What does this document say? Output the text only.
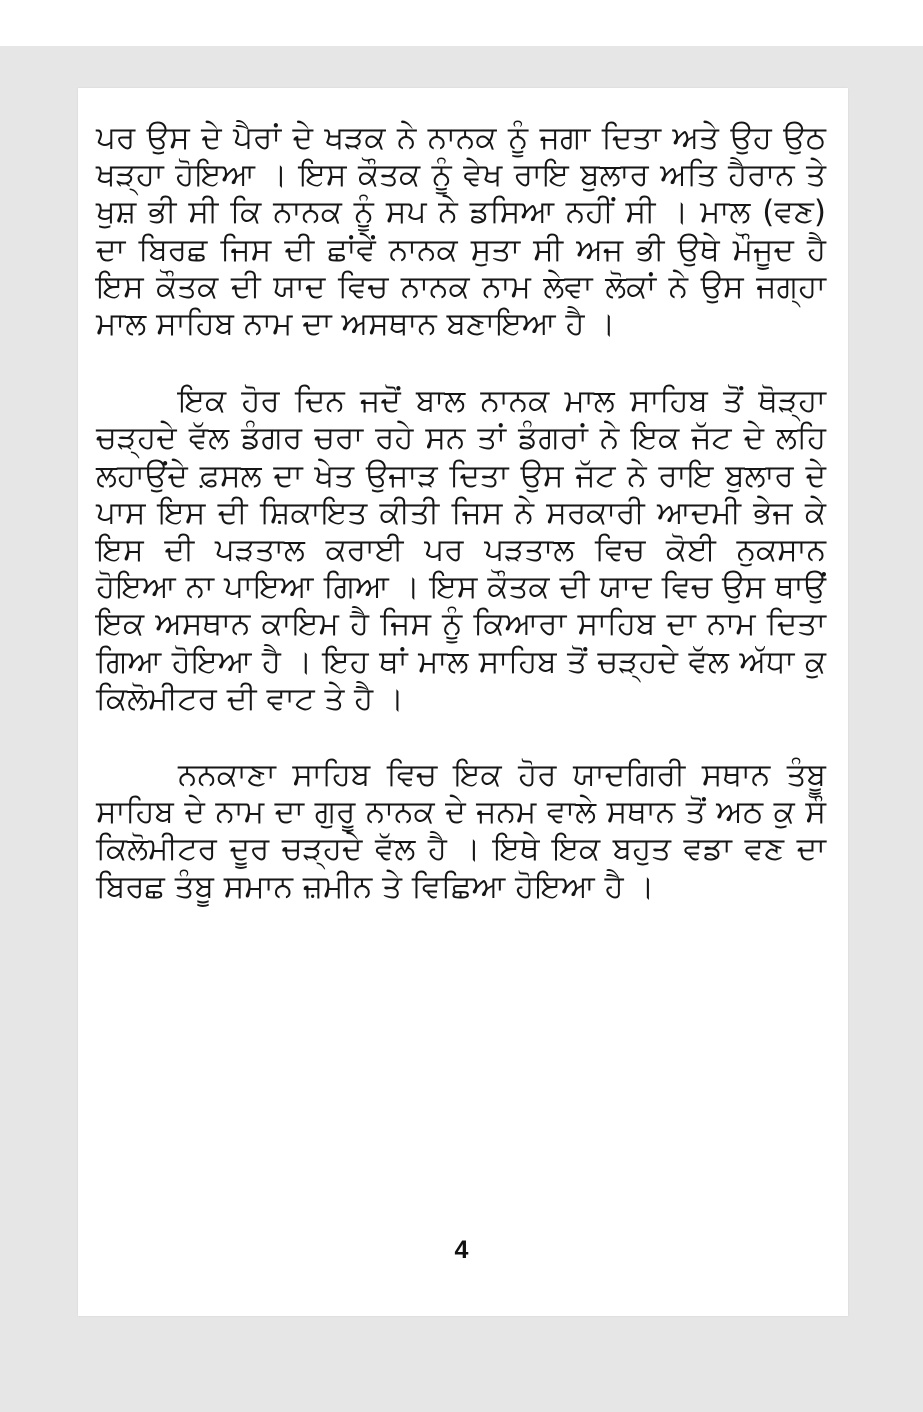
ਪਰ ਉਸ ਦੇ ਪੈਰਾਂ ਦੇ ਖੜਕ ਨੇ ਨਾਨਕ ਨੂੰ ਜਗਾ ਦਿਤਾ ਅਤੇ ਉਹ ਉਠ ਖੜ੍ਹਾ ਹੋਇਆ । ਇਸ ਕੌਤਕ ਨੂੰ ਵੇਖ ਰਾਇ ਬੁਲਾਰ ਅਤਿ ਹੈਰਾਨ ਤੇ ਖੁਸ਼ ਭੀ ਸੀ ਕਿ ਨਾਨਕ ਨੂੰ ਸਪ ਨੇ ਡਸਿਆ ਨਹੀਂ ਸੀ । ਮਾਲ (ਵਣ) ਦਾ ਬਿਰਛ ਜਿਸ ਦੀ ਛਾਂਵੇਂ ਨਾਨਕ ਸੁਤਾ ਸੀ ਅਜ ਭੀ ਉਥੇ ਮੌਜੂਦ ਹੈ ਇਸ ਕੌਤਕ ਦੀ ਯਾਦ ਵਿਚ ਨਾਨਕ ਨਾਮ ਲੇਵਾ ਲੋਕਾਂ ਨੇ ਉਸ ਜਗ੍ਹਾ ਮਾਲ ਸਾਹਿਬ ਨਾਮ ਦਾ ਅਸਥਾਨ ਬਣਾਇਆ ਹੈ ।

ਇਕ ਹੋਰ ਦਿਨ ਜਦੋਂ ਬਾਲ ਨਾਨਕ ਮਾਲ ਸਾਹਿਬ ਤੋਂ ਥੋੜ੍ਹਾ ਚੜ੍ਹਦੇ ਵੱਲ ਡੰਗਰ ਚਰਾ ਰਹੇ ਸਨ ਤਾਂ ਡੰਗਰਾਂ ਨੇ ਇਕ ਜੱਟ ਦੇ ਲਹਿ ਲਹਾਉਂਦੇ ਫ਼ਸਲ ਦਾ ਖੇਤ ਉਜਾੜ ਦਿਤਾ ਉਸ ਜੱਟ ਨੇ ਰਾਇ ਬੁਲਾਰ ਦੇ ਪਾਸ ਇਸ ਦੀ ਸ਼ਿਕਾਇਤ ਕੀਤੀ ਜਿਸ ਨੇ ਸਰਕਾਰੀ ਆਦਮੀ ਭੇਜ ਕੇ ਇਸ ਦੀ ਪੜਤਾਲ ਕਰਾਈ ਪਰ ਪੜਤਾਲ ਵਿਚ ਕੋਈ ਨੁਕਸਾਨ ਹੋਇਆ ਨਾ ਪਾਇਆ ਗਿਆ । ਇਸ ਕੌਤਕ ਦੀ ਯਾਦ ਵਿਚ ਉਸ ਥਾਉਂ ਇਕ ਅਸਥਾਨ ਕਾਇਮ ਹੈ ਜਿਸ ਨੂੰ ਕਿਆਰਾ ਸਾਹਿਬ ਦਾ ਨਾਮ ਦਿਤਾ ਗਿਆ ਹੋਇਆ ਹੈ । ਇਹ ਥਾਂ ਮਾਲ ਸਾਹਿਬ ਤੋਂ ਚੜ੍ਹਦੇ ਵੱਲ ਅੱਧਾ ਕੁ ਕਿਲੋਮੀਟਰ ਦੀ ਵਾਟ ਤੇ ਹੈ ।

ਨਨਕਾਣਾ ਸਾਹਿਬ ਵਿਚ ਇਕ ਹੋਰ ਯਾਦਗਿਰੀ ਸਥਾਨ ਤੰਬੂ ਸਾਹਿਬ ਦੇ ਨਾਮ ਦਾ ਗੁਰੂ ਨਾਨਕ ਦੇ ਜਨਮ ਵਾਲੇ ਸਥਾਨ ਤੋਂ ਅਠ ਕੁ ਸੌ ਕਿਲੋਮੀਟਰ ਦੂਰ ਚੜ੍ਹਦੇ ਵੱਲ ਹੈ । ਇਥੇ ਇਕ ਬਹੁਤ ਵਡਾ ਵਣ ਦਾ ਬਿਰਛ ਤੰਬੂ ਸਮਾਨ ਜ਼ਮੀਨ ਤੇ ਵਿਛਿਆ ਹੋਇਆ ਹੈ ।

4
